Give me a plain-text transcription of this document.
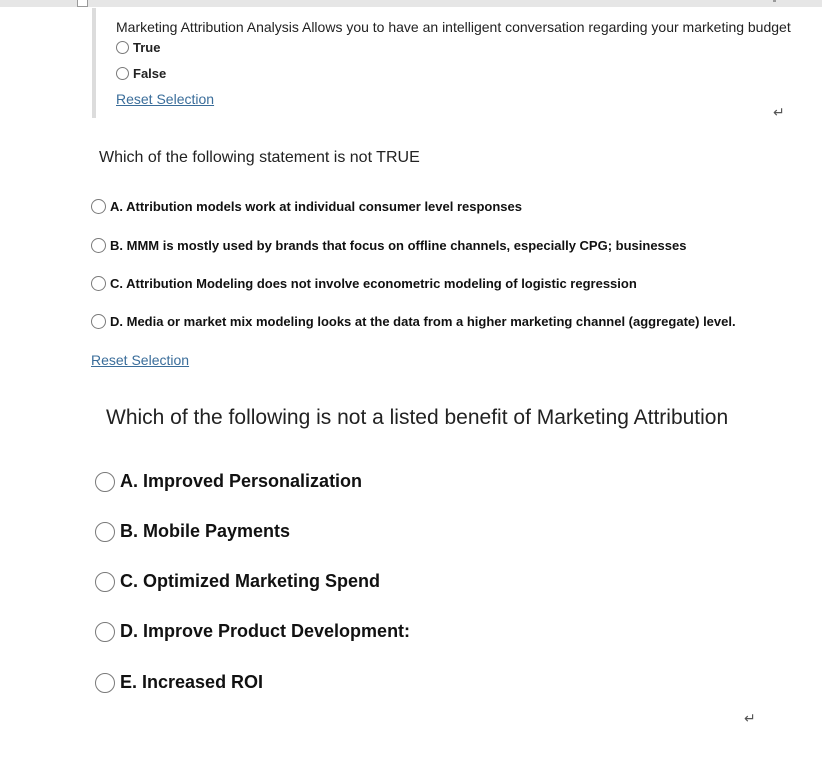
Marketing Attribution Analysis Allows you to have an intelligent conversation regarding your marketing budget
True
False
Reset Selection
↵
Which of the following statement is not TRUE
A. Attribution models work at individual consumer level responses
B. MMM is mostly used by brands that focus on offline channels, especially CPG; businesses
C. Attribution Modeling does not involve econometric modeling of logistic regression
D. Media or market mix modeling looks at the data from a higher marketing channel (aggregate) level.
Reset Selection
Which of the following is not a listed benefit of Marketing Attribution
A. Improved Personalization
B. Mobile Payments
C. Optimized Marketing Spend
D. Improve Product Development:
E. Increased ROI
↵
